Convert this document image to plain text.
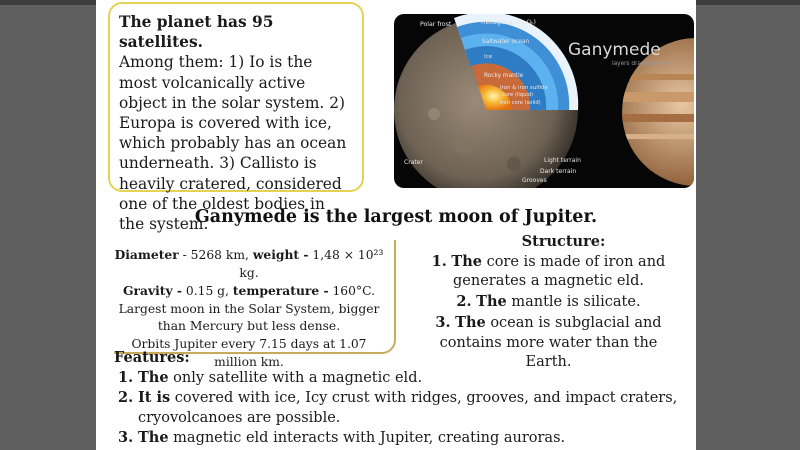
The planet has 95 satellites.
Among them: 1) Io is the most volcanically active object in the solar system. 2) Europa is covered with ice, which probably has an ocean underneath. 3) Callisto is heavily cratered, considered one of the oldest bodies in the system.
Polar frost	Hexagonal ice (Iₕ)
Saltwater ocean
Ice
Rocky mantle
Iron & iron sulfide
core (liquid)
Iron core (solid)
Crater	Light terrain
Dark terrain
Grooves
Ganymede
layers drawn to scale
Ganymede is the largest moon of Jupiter.

Diameter - 5268 km, weight - 1,48 × 10²³ kg.

Gravity - 0.15 g, temperature - 160°C.

Largest moon in the Solar System, bigger than Mercury but less dense.

Orbits Jupiter every 7.15 days at 1.07 million km.

Structure:
1. The core is made of iron and generates a magnetic eld.
2. The mantle is silicate.
3. The ocean is subglacial and contains more water than the Earth.
Features:
1. The only satellite with a magnetic eld.
2. It is covered with ice, Icy crust with ridges, grooves, and impact craters, cryovolcanoes are possible.
3. The magnetic eld interacts with Jupiter, creating auroras.
